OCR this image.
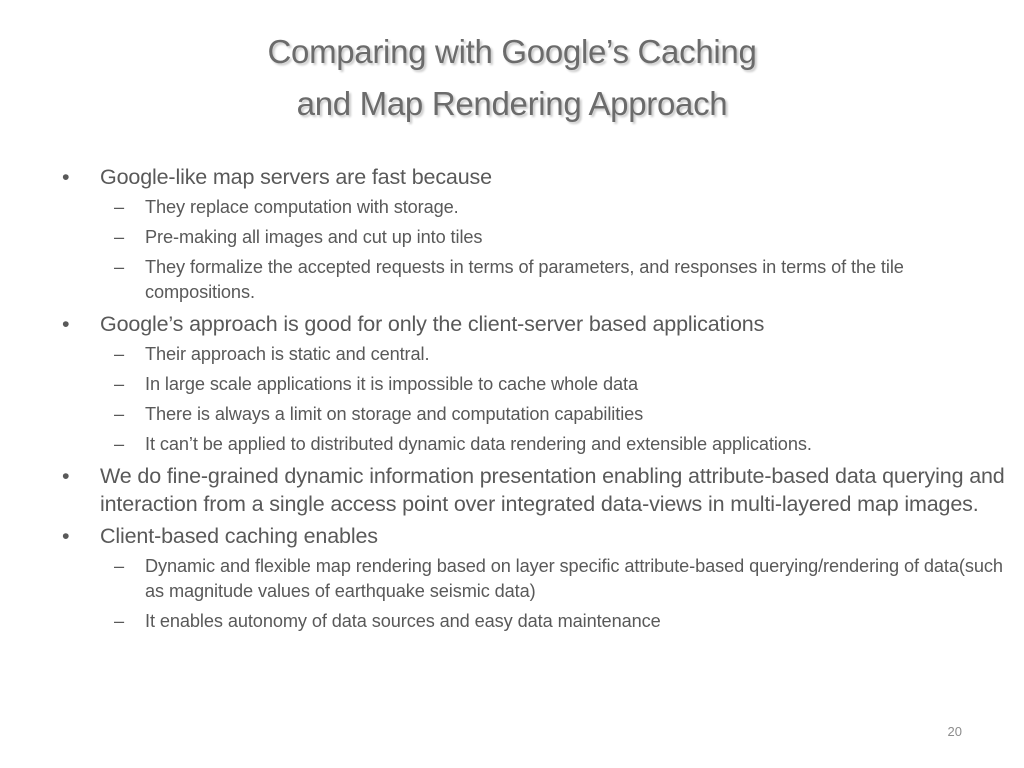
Comparing with Google’s Caching
and Map Rendering Approach
•	Google-like map servers are fast because
– They replace computation with storage.
– Pre-making all images and cut up into tiles
– They formalize the accepted requests in terms of parameters, and responses in terms of the tile compositions.
•	Google’s approach is good for only the client-server based applications
– Their approach is static and central.
– In large scale applications it is impossible to cache whole data
– There is always a limit on storage and computation capabilities
– It can’t be applied to distributed dynamic data rendering and extensible applications.
•	We do fine-grained dynamic information presentation enabling attribute-based data querying and interaction from a single access point over integrated data-views in multi-layered map images.
•	Client-based caching enables
– Dynamic and flexible map rendering based on layer specific attribute-based querying/rendering of data(such as magnitude values of earthquake seismic data)
– It enables autonomy of data sources and easy data maintenance
20
